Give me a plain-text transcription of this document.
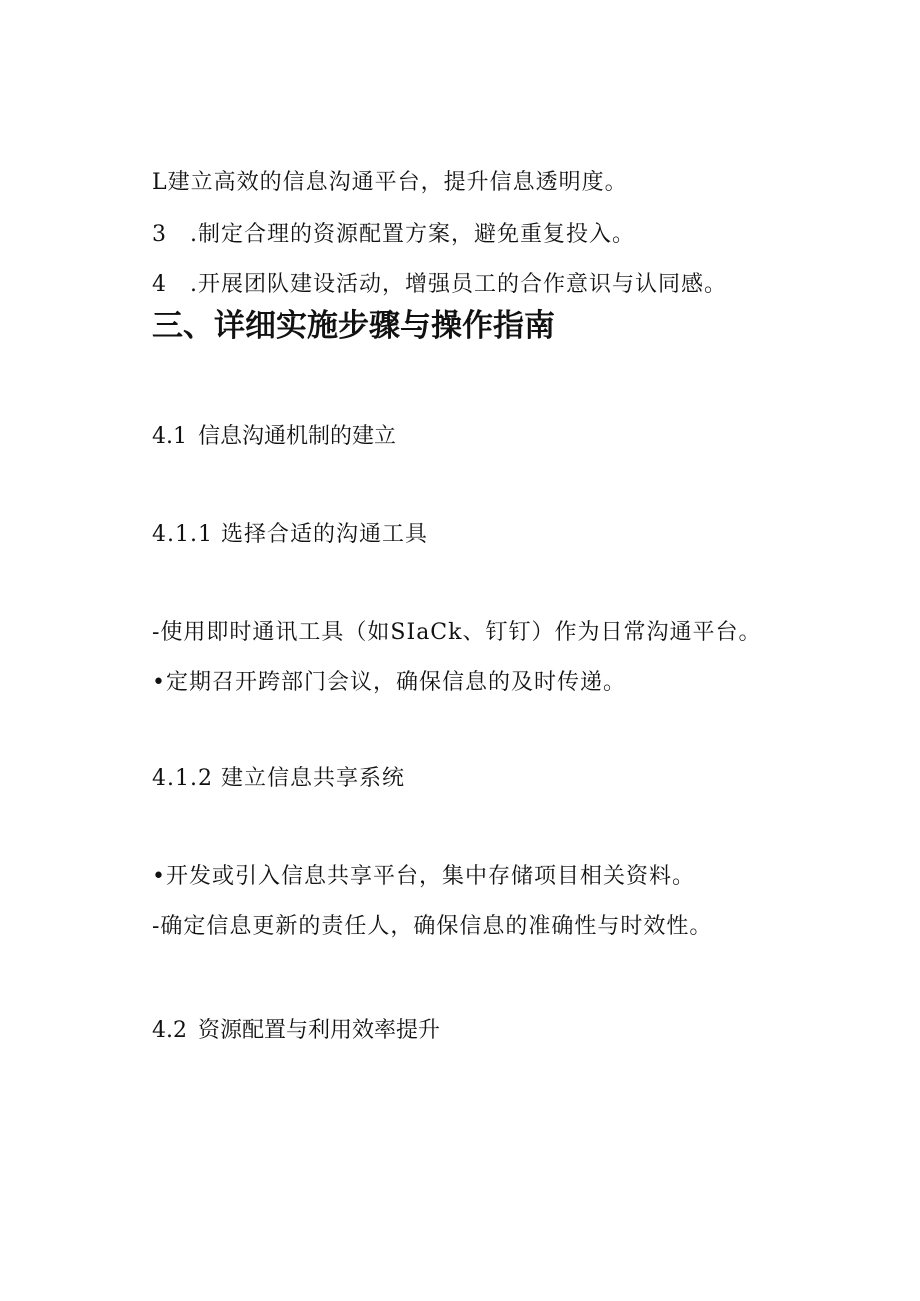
L建立高效的信息沟通平台，提升信息透明度。
3　.制定合理的资源配置方案，避免重复投入。
4　.开展团队建设活动，增强员工的合作意识与认同感。
三、详细实施步骤与操作指南
4.1 信息沟通机制的建立
4.1.1 选择合适的沟通工具
-使用即时通讯工具（如SIaCk、钉钉）作为日常沟通平台。
•定期召开跨部门会议，确保信息的及时传递。
4.1.2 建立信息共享系统
•开发或引入信息共享平台，集中存储项目相关资料。
-确定信息更新的责任人，确保信息的准确性与时效性。
4.2 资源配置与利用效率提升
